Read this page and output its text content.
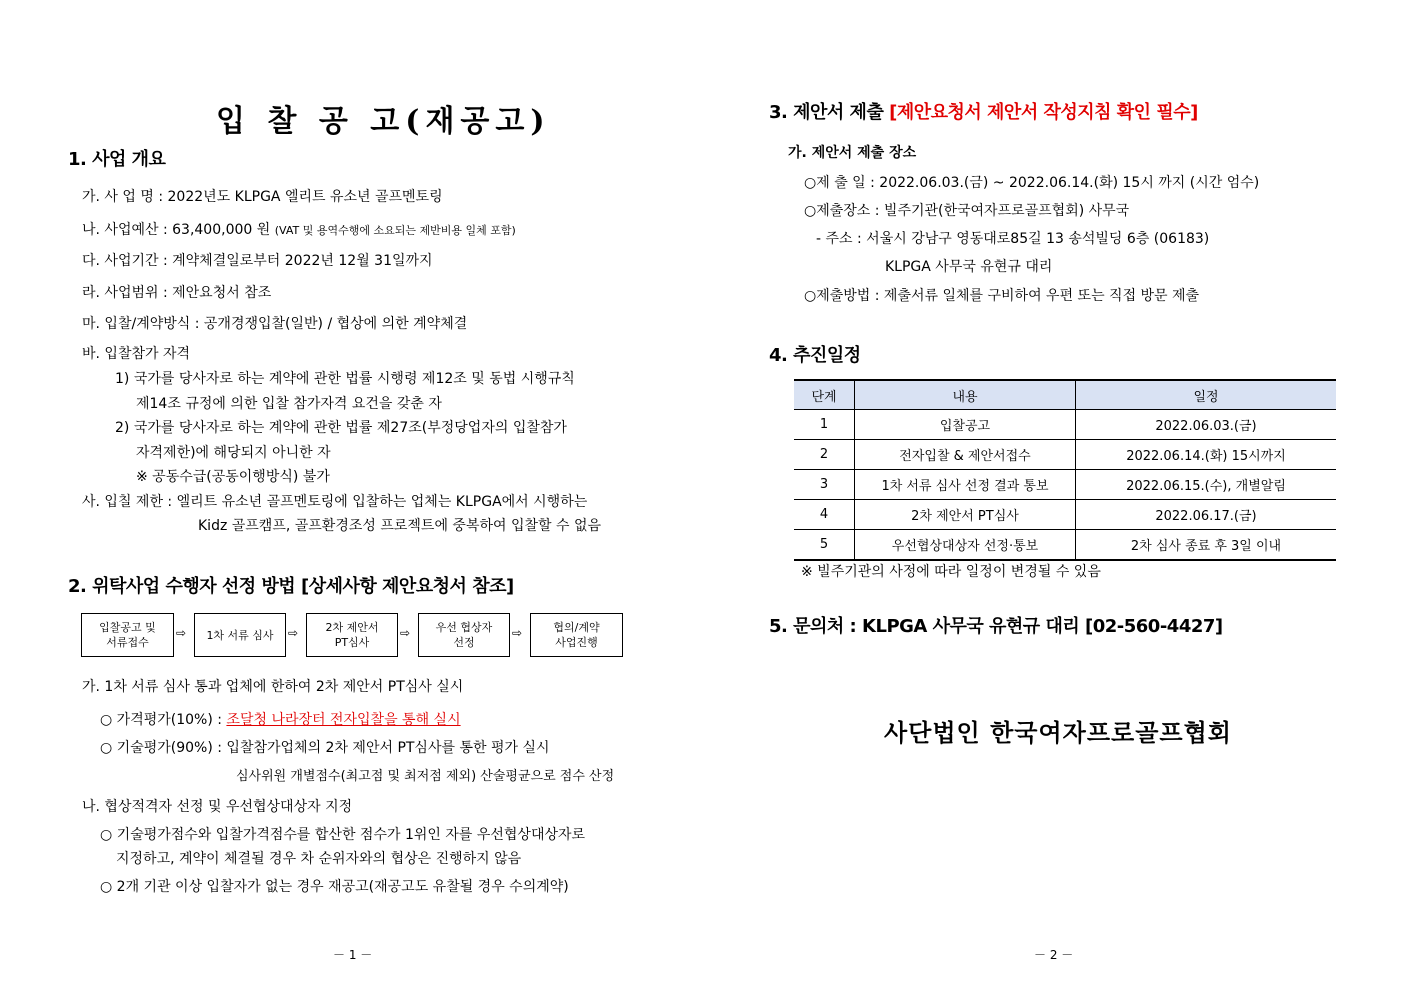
입 찰 공 고(재공고)
1. 사업 개요
가. 사 업 명 : 2022년도 KLPGA 엘리트 유소년 골프멘토링
나. 사업예산 : 63,400,000 원 (VAT 및 용역수행에 소요되는 제반비용 일체 포함)
다. 사업기간 : 계약체결일로부터 2022년 12월 31일까지
라. 사업범위 : 제안요청서 참조
마. 입찰/계약방식 : 공개경쟁입찰(일반) / 협상에 의한 계약체결
바. 입찰참가 자격
1) 국가를 당사자로 하는 계약에 관한 법률 시행령 제12조 및 동법 시행규칙
제14조 규정에 의한 입찰 참가자격 요건을 갖춘 자
2) 국가를 당사자로 하는 계약에 관한 법률 제27조(부정당업자의 입찰참가
자격제한)에 해당되지 아니한 자
※ 공동수급(공동이행방식) 불가
사. 입칠 제한 : 엘리트 유소년 골프멘토링에 입찰하는 업체는 KLPGA에서 시행하는
Kidz 골프캠프, 골프환경조성 프로젝트에 중복하여 입찰할 수 없음
2. 위탁사업 수행자 선정 방법 [상세사항 제안요청서 참조]
입찰공고 및
서류접수
⇨ 1차 서류 심사 ⇨ 2차 제안서
PT심사
⇨ 우선 협상자
선정
⇨	협의/계약
사업진행
가. 1차 서류 심사 통과 업체에 한하여 2차 제안서 PT심사 실시
○ 가격평가(10%) : 조달청 나라장터 전자입찰을 통해 실시
○ 기술평가(90%) : 입찰참가업체의 2차 제안서 PT심사를 통한 평가 실시
심사위원 개별점수(최고점 및 최저점 제외) 산술평균으로 점수 산정
나. 협상적격자 선정 및 우선협상대상자 지정
○ 기술평가점수와 입찰가격점수를 합산한 점수가 1위인 자를 우선협상대상자로
지정하고, 계약이 체결될 경우 차 순위자와의 협상은 진행하지 않음
○ 2개 기관 이상 입찰자가 없는 경우 재공고(재공고도 유찰될 경우 수의계약)
－ 1 －
3. 제안서 제출 [제안요청서 제안서 작성지침 확인 필수]
가. 제안서 제출 장소
○제 출 일 : 2022.06.03.(금) ~ 2022.06.14.(화) 15시 까지 (시간 엄수)
○제출장소 : 빌주기관(한국여자프로골프협회) 사무국
- 주소 : 서울시 강남구 영동대로85길 13 송석빌딩 6층 (06183)
KLPGA 사무국 유현규 대리
○제출방법 : 제출서류 일체를 구비하여 우편 또는 직접 방문 제출
4. 추진일정
단계	내용	일정
1	입찰공고	2022.06.03.(금)
2	전자입찰 & 제안서접수	2022.06.14.(화) 15시까지
3	1차 서류 심사 선정 결과 통보	2022.06.15.(수), 개별알림
4	2차 제안서 PT심사	2022.06.17.(금)
5	우선협상대상자 선정·통보	2차 심사 종료 후 3일 이내
※ 빌주기관의 사정에 따라 일정이 변경될 수 있음
5. 문의처 : KLPGA 사무국 유현규 대리 [02-560-4427]
사단법인 한국여자프로골프협회
－ 2 －
